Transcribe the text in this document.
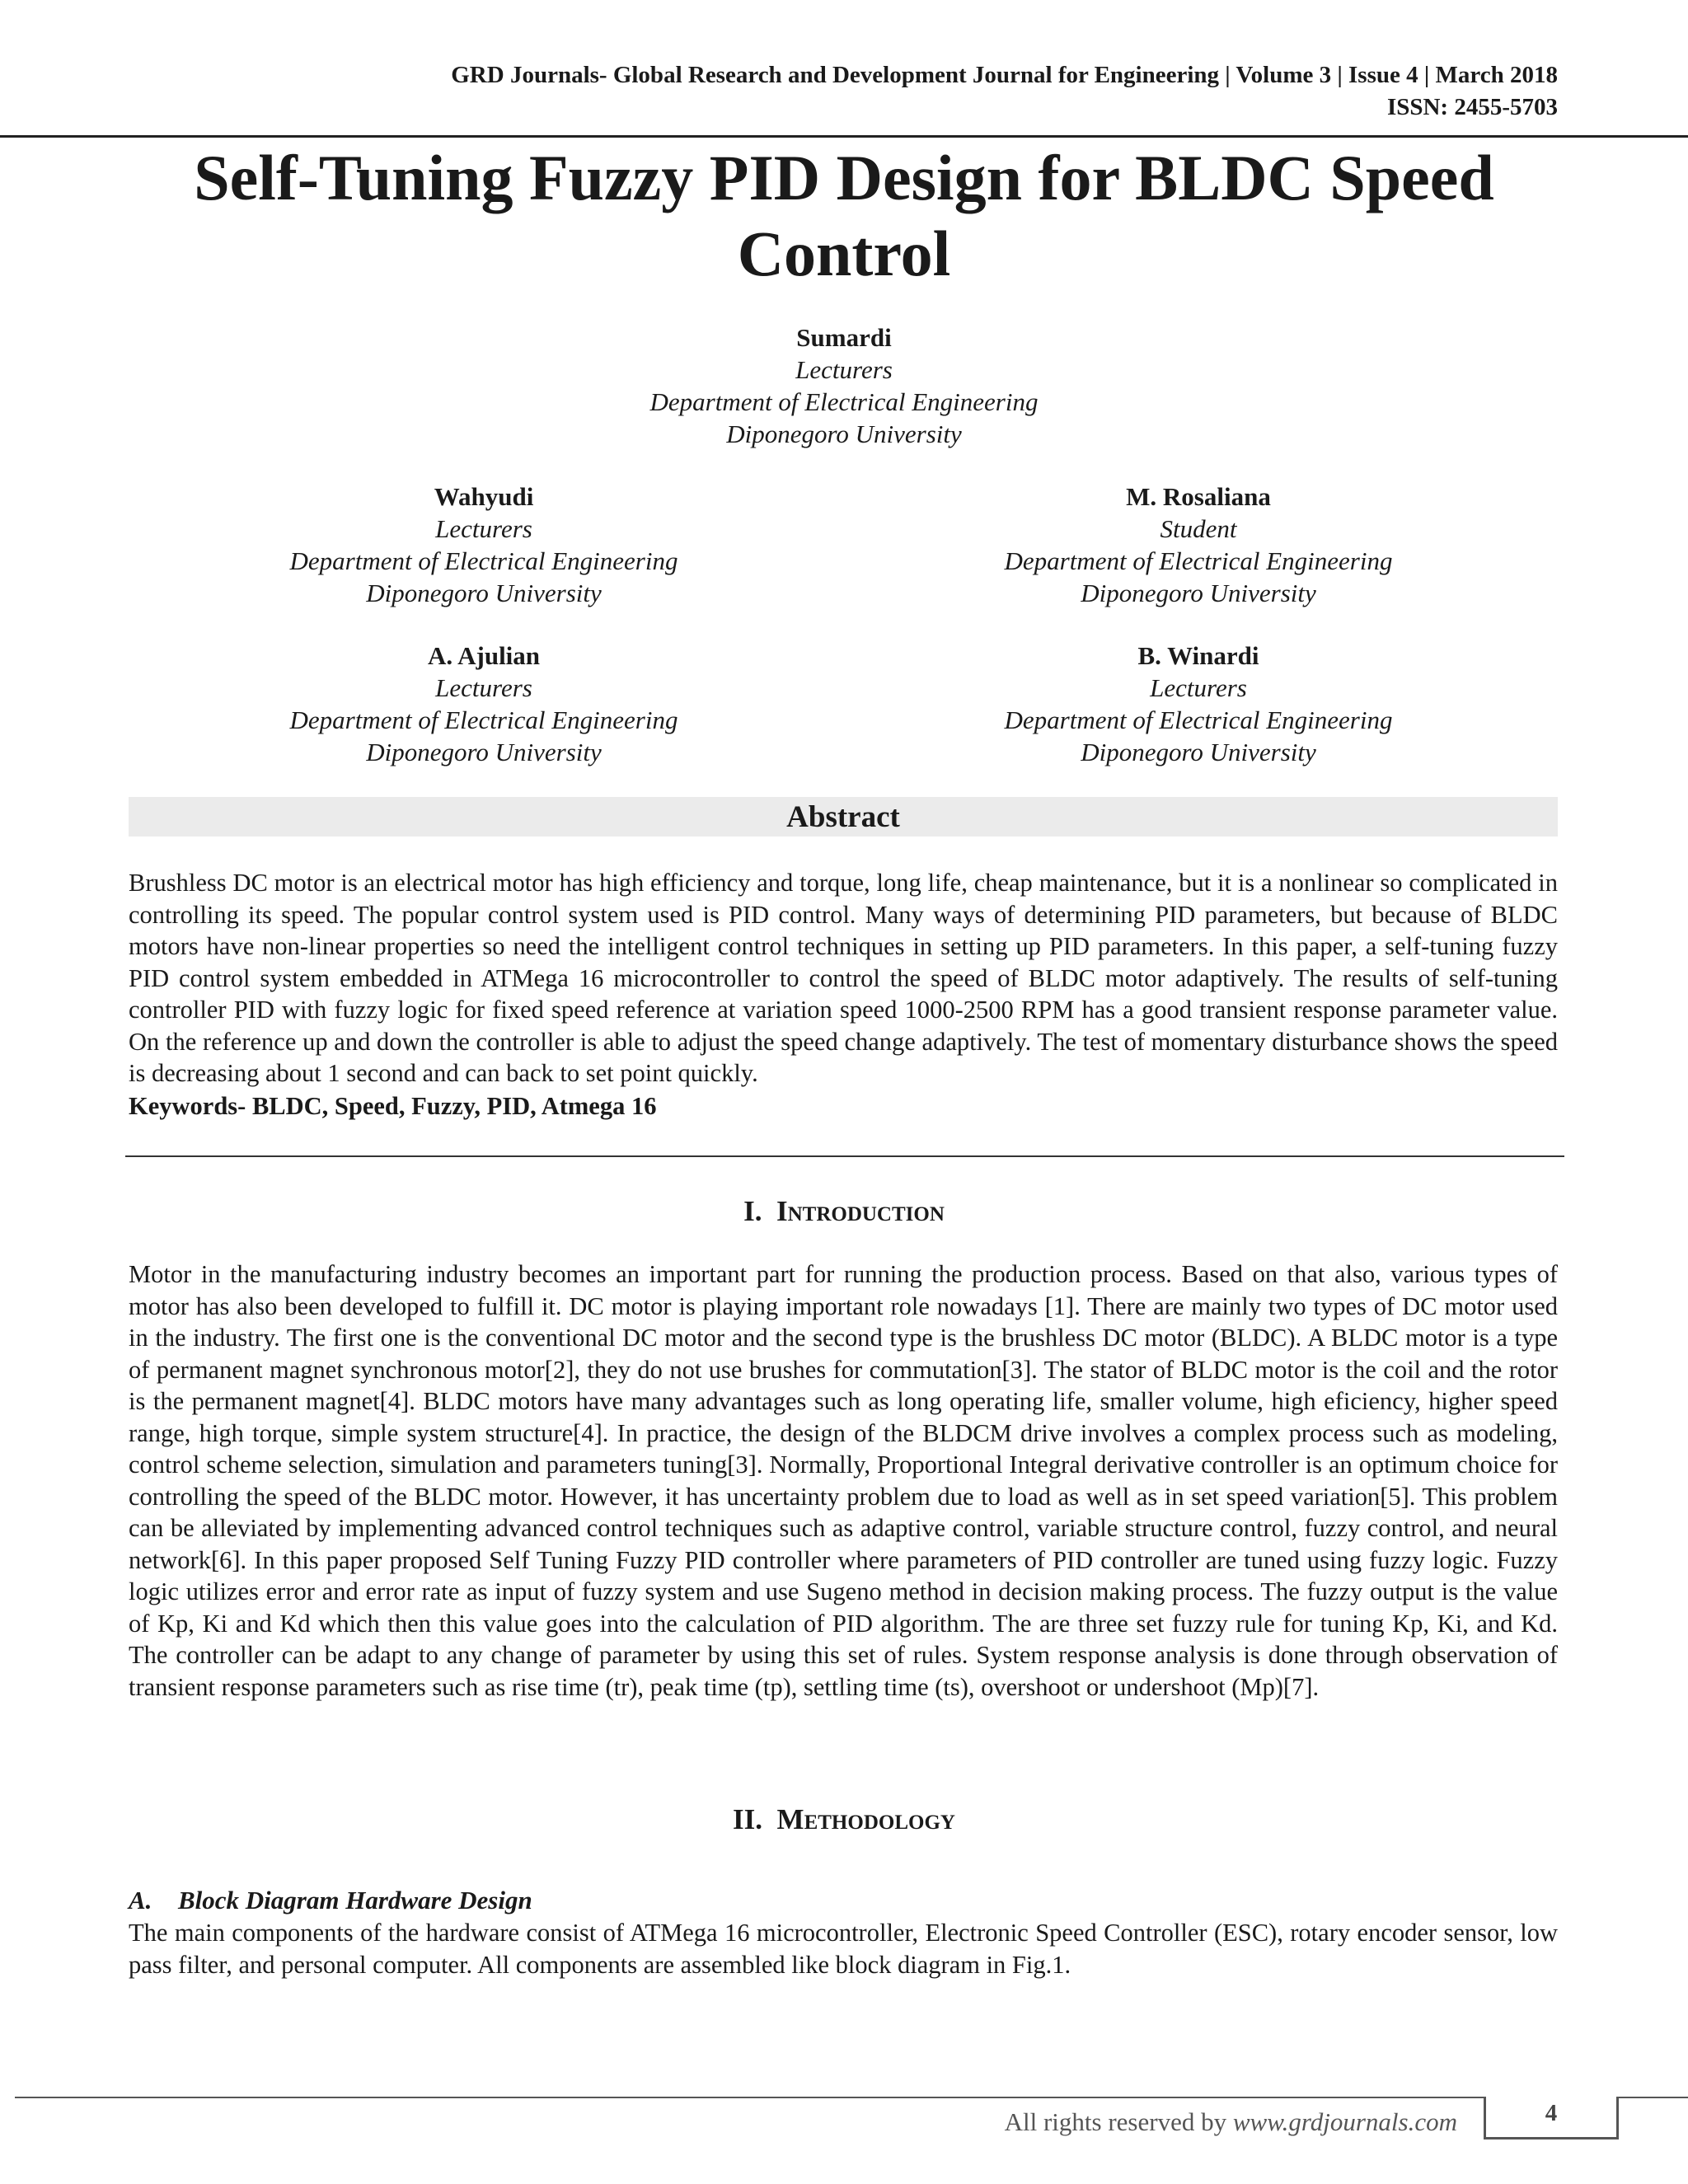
GRD Journals- Global Research and Development Journal for Engineering | Volume 3 | Issue 4 | March 2018
ISSN: 2455-5703
Self-Tuning Fuzzy PID Design for BLDC Speed Control
Sumardi
Lecturers
Department of Electrical Engineering
Diponegoro University
Wahyudi
Lecturers
Department of Electrical Engineering
Diponegoro University
M. Rosaliana
Student
Department of Electrical Engineering
Diponegoro University
A. Ajulian
Lecturers
Department of Electrical Engineering
Diponegoro University
B. Winardi
Lecturers
Department of Electrical Engineering
Diponegoro University
Abstract

Brushless DC motor is an electrical motor has high efficiency and torque, long life, cheap maintenance, but it is a nonlinear so complicated in controlling its speed. The popular control system used is PID control. Many ways of determining PID parameters, but because of BLDC motors have non-linear properties so need the intelligent control techniques in setting up PID parameters. In this paper, a self-tuning fuzzy PID control system embedded in ATMega 16 microcontroller to control the speed of BLDC motor adaptively. The results of self-tuning controller PID with fuzzy logic for fixed speed reference at variation speed 1000-2500 RPM has a good transient response parameter value. On the reference up and down the controller is able to adjust the speed change adaptively. The test of momentary disturbance shows the speed is decreasing about 1 second and can back to set point quickly.

Keywords- BLDC, Speed, Fuzzy, PID, Atmega 16
I. Introduction

Motor in the manufacturing industry becomes an important part for running the production process. Based on that also, various types of motor has also been developed to fulfill it. DC motor is playing important role nowadays [1]. There are mainly two types of DC motor used in the industry. The first one is the conventional DC motor and the second type is the brushless DC motor (BLDC). A BLDC motor is a type of permanent magnet synchronous motor[2], they do not use brushes for commutation[3]. The stator of BLDC motor is the coil and the rotor is the permanent magnet[4]. BLDC motors have many advantages such as long operating life, smaller volume, high eficiency, higher speed range, high torque, simple system structure[4]. In practice, the design of the BLDCM drive involves a complex process such as modeling, control scheme selection, simulation and parameters tuning[3]. Normally, Proportional Integral derivative controller is an optimum choice for controlling the speed of the BLDC motor. However, it has uncertainty problem due to load as well as in set speed variation[5]. This problem can be alleviated by implementing advanced control techniques such as adaptive control, variable structure control, fuzzy control, and neural network[6]. In this paper proposed Self Tuning Fuzzy PID controller where parameters of PID controller are tuned using fuzzy logic. Fuzzy logic utilizes error and error rate as input of fuzzy system and use Sugeno method in decision making process. The fuzzy output is the value of Kp, Ki and Kd which then this value goes into the calculation of PID algorithm. The are three set fuzzy rule for tuning Kp, Ki, and Kd. The controller can be adapt to any change of parameter by using this set of rules. System response analysis is done through observation of transient response parameters such as rise time (tr), peak time (tp), settling time (ts), overshoot or undershoot (Mp)[7].

II. Methodology
A. Block Diagram Hardware Design

The main components of the hardware consist of ATMega 16 microcontroller, Electronic Speed Controller (ESC), rotary encoder sensor, low pass filter, and personal computer. All components are assembled like block diagram in Fig.1.

All rights reserved by www.grdjournals.com	4
